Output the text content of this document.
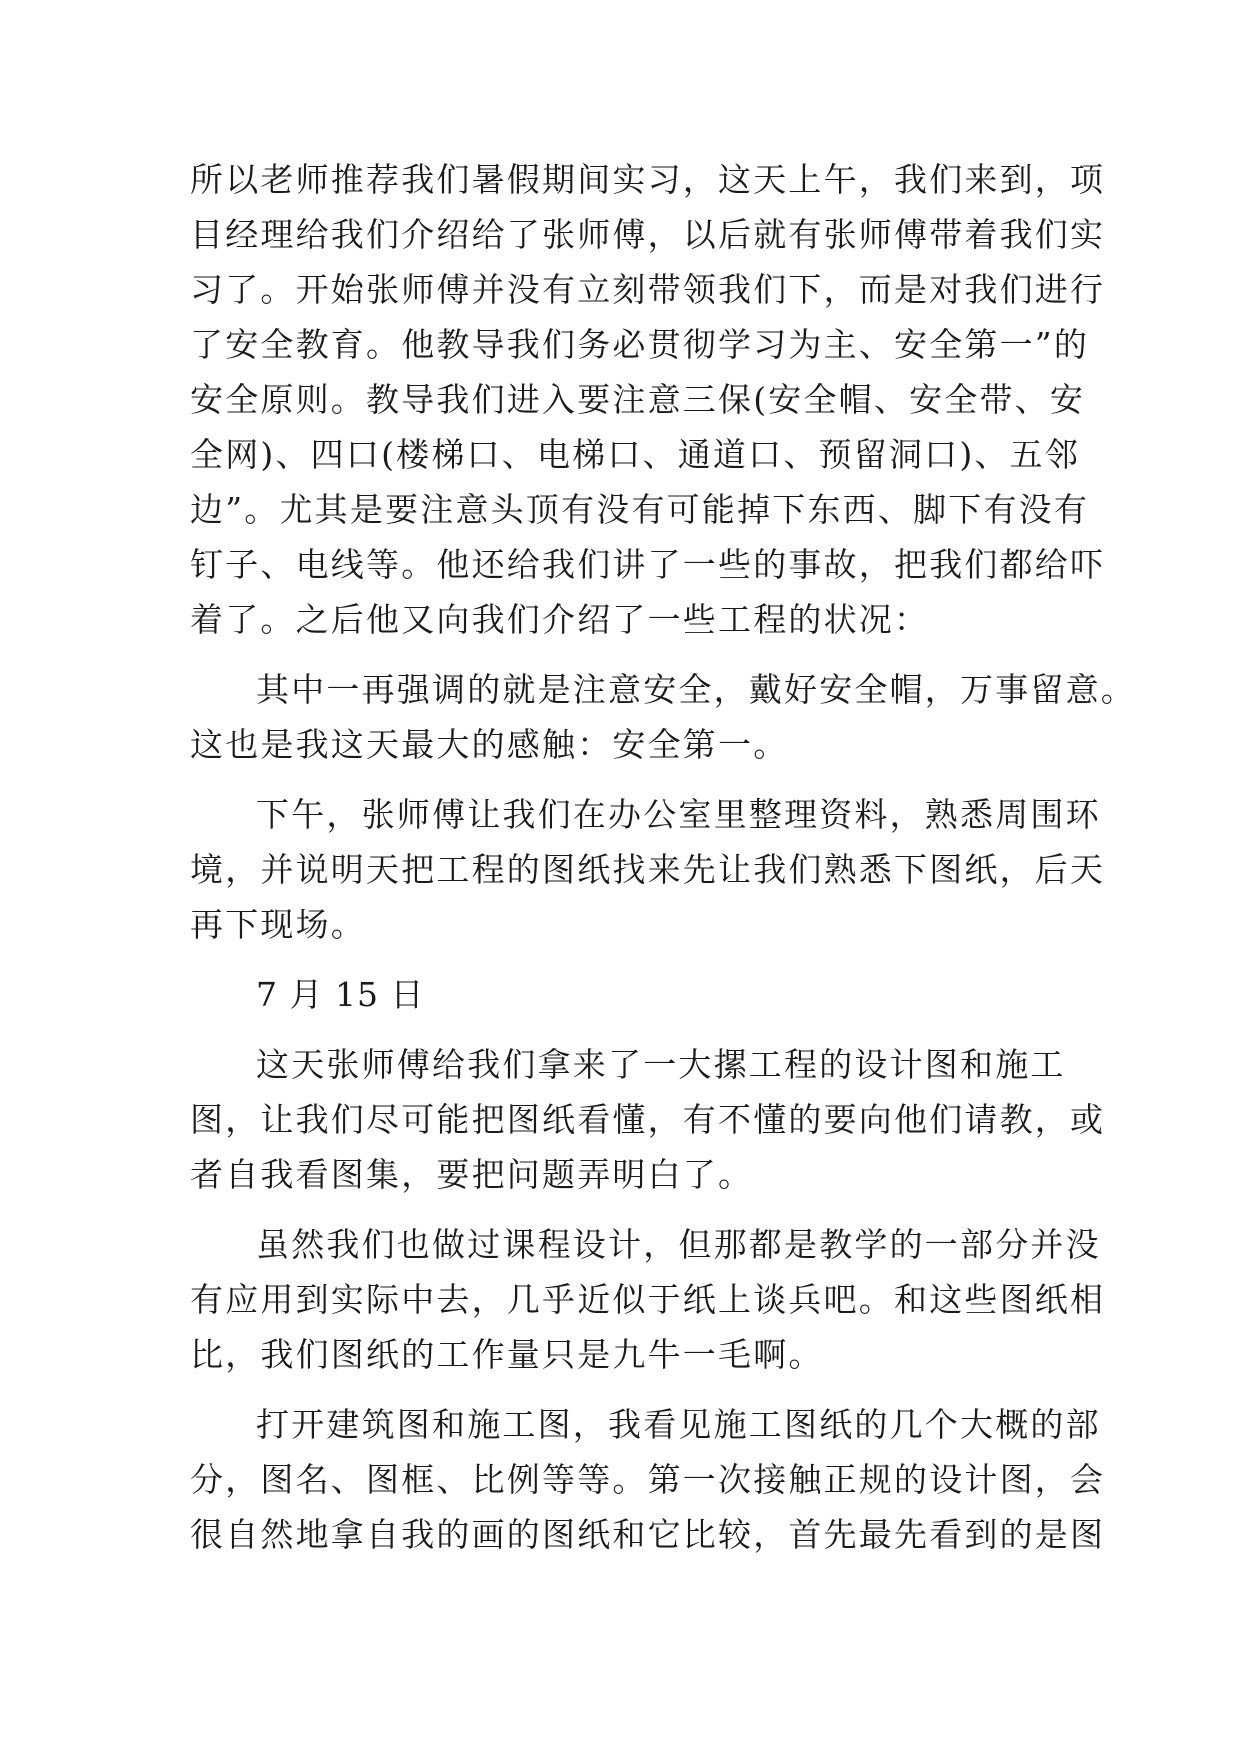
所以老师推荐我们暑假期间实习，这天上午，我们来到，项
目经理给我们介绍给了张师傅，以后就有张师傅带着我们实
习了。开始张师傅并没有立刻带领我们下，而是对我们进行
了安全教育。他教导我们务必贯彻学习为主、安全第一”的
安全原则。教导我们进入要注意三保(安全帽、安全带、安
全网)、四口(楼梯口、电梯口、通道口、预留洞口)、五邻
边”。尤其是要注意头顶有没有可能掉下东西、脚下有没有
钉子、电线等。他还给我们讲了一些的事故，把我们都给吓
着了。之后他又向我们介绍了一些工程的状况：
其中一再强调的就是注意安全，戴好安全帽，万事留意。
这也是我这天最大的感触：安全第一。
下午，张师傅让我们在办公室里整理资料，熟悉周围环
境，并说明天把工程的图纸找来先让我们熟悉下图纸，后天
再下现场。
7 月 15 日
这天张师傅给我们拿来了一大摞工程的设计图和施工
图，让我们尽可能把图纸看懂，有不懂的要向他们请教，或
者自我看图集，要把问题弄明白了。
虽然我们也做过课程设计，但那都是教学的一部分并没
有应用到实际中去，几乎近似于纸上谈兵吧。和这些图纸相
比，我们图纸的工作量只是九牛一毛啊。
打开建筑图和施工图，我看见施工图纸的几个大概的部
分，图名、图框、比例等等。第一次接触正规的设计图，会
很自然地拿自我的画的图纸和它比较，首先最先看到的是图
